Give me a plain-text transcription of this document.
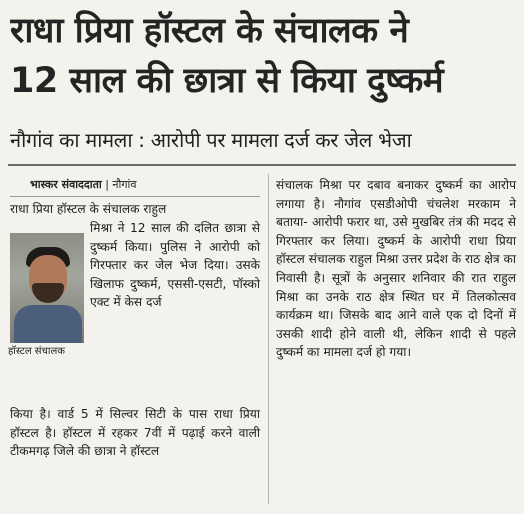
राधा प्रिया हॉस्टल के संचालक ने
12 साल की छात्रा से किया दुष्कर्म
नौगांव का मामला : आरोपी पर मामला दर्ज कर जेल भेजा
भास्कर संवाददाता | नौगांव

राधा प्रिया हॉस्टल के संचालक राहुल

हॉस्टल संचालक

मिश्रा ने 12 साल की दलित छात्रा से दुष्कर्म किया। पुलिस ने आरोपी को गिरफ्तार कर जेल भेज दिया। उसके खिलाफ दुष्कर्म, एससी-एसटी, पॉस्को एक्ट में केस दर्ज

किया है। वार्ड 5 में सिल्वर सिटी के पास राधा प्रिया हॉस्टल है। हॉस्टल में रहकर 7वीं में पढ़ाई करने वाली टीकमगढ़ जिले की छात्रा ने हॉस्टल

संचालक मिश्रा पर दबाव बनाकर दुष्कर्म का आरोप लगाया है। नौगांव एसडीओपी चंचलेश मरकाम ने बताया- आरोपी फरार था, उसे मुखबिर तंत्र की मदद से गिरफ्तार कर लिया। दुष्कर्म के आरोपी राधा प्रिया हॉस्टल संचालक राहुल मिश्रा उत्तर प्रदेश के राठ क्षेत्र का निवासी है। सूत्रों के अनुसार शनिवार की रात राहुल मिश्रा का उनके राठ क्षेत्र स्थित घर में तिलकोत्सव कार्यक्रम था। जिसके बाद आने वाले एक दो दिनों में उसकी शादी होने वाली थी, लेकिन शादी से पहले दुष्कर्म का मामला दर्ज हो गया।
